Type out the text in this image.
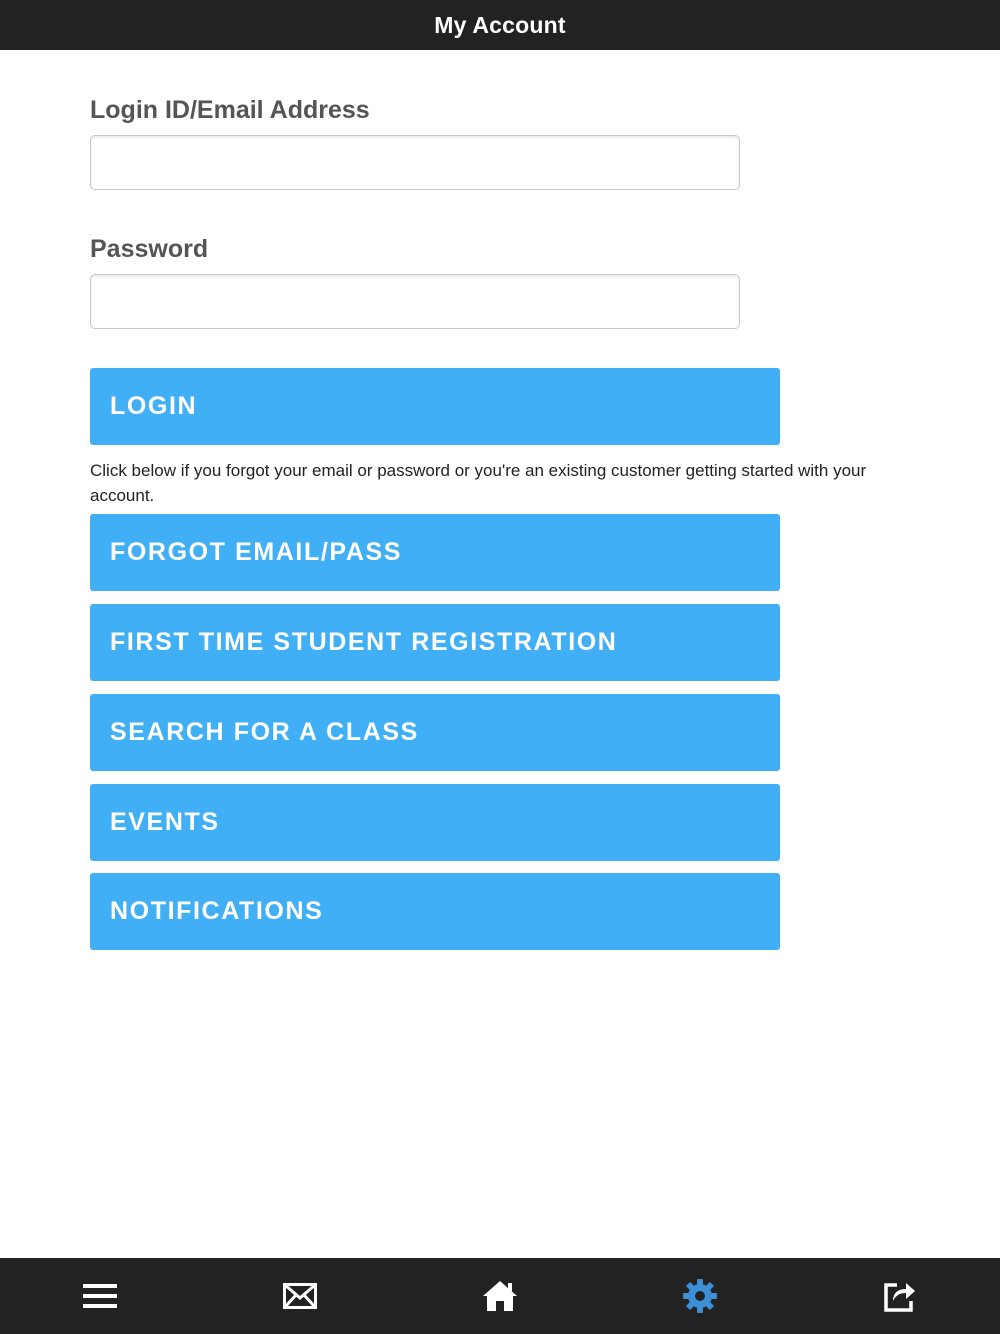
My Account
Login ID/Email Address
Password
LOGIN

Click below if you forgot your email or password or you're an existing customer getting started with your account.

FORGOT EMAIL/PASS
FIRST TIME STUDENT REGISTRATION
SEARCH FOR A CLASS
EVENTS
NOTIFICATIONS
